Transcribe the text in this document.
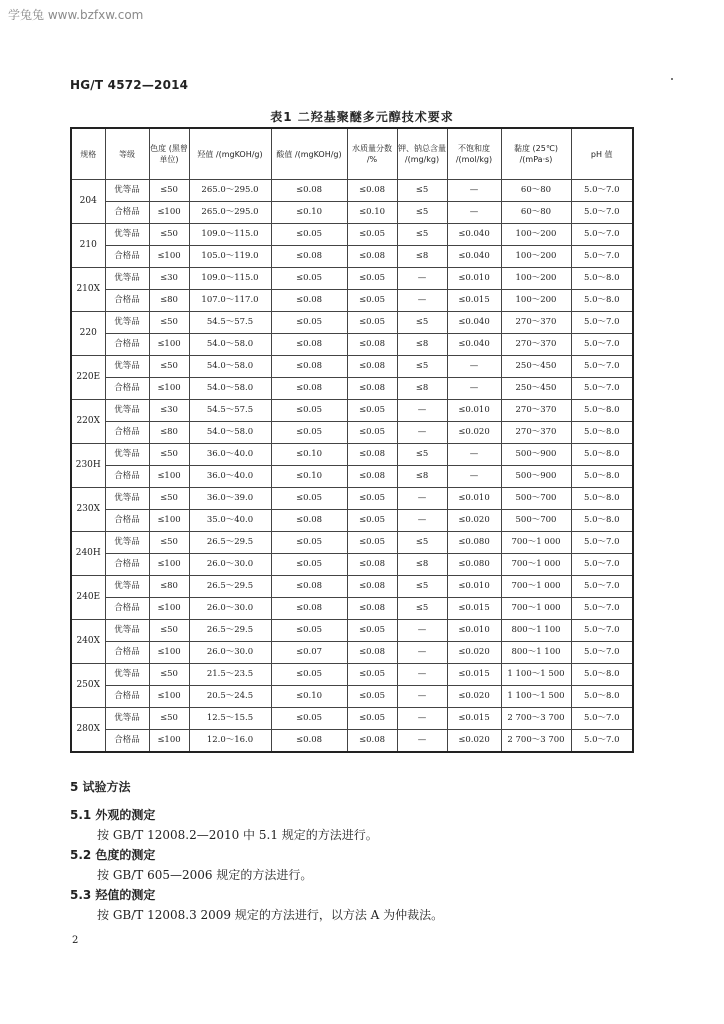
学兔兔 www.bzfxw.com
HG/T 4572—2014
表1 二羟基聚醚多元醇技术要求
规格	等级	色度 (黑曾单位)	羟值 /(mgKOH/g)	酸值 /(mgKOH/g)	水质量分数 /%	钾、钠总含量 /(mg/kg)	不饱和度 /(mol/kg)	黏度 (25℃) /(mPa·s)	pH 值
204	优等品	≤50	265.0～295.0	≤0.08	≤0.08	≤5	—	60～80	5.0～7.0
	合格品	≤100	265.0～295.0	≤0.10	≤0.10	≤5	—	60～80	5.0～7.0
210	优等品	≤50	109.0～115.0	≤0.05	≤0.05	≤5	≤0.040	100～200	5.0～7.0
	合格品	≤100	105.0～119.0	≤0.08	≤0.08	≤8	≤0.040	100～200	5.0～7.0
210X	优等品	≤30	109.0～115.0	≤0.05	≤0.05	—	≤0.010	100～200	5.0～8.0
	合格品	≤80	107.0～117.0	≤0.08	≤0.05	—	≤0.015	100～200	5.0～8.0
220	优等品	≤50	54.5～57.5	≤0.05	≤0.05	≤5	≤0.040	270～370	5.0～7.0
	合格品	≤100	54.0～58.0	≤0.08	≤0.08	≤8	≤0.040	270～370	5.0～7.0
220E	优等品	≤50	54.0～58.0	≤0.08	≤0.08	≤5	—	250～450	5.0～7.0
	合格品	≤100	54.0～58.0	≤0.08	≤0.08	≤8	—	250～450	5.0～7.0
220X	优等品	≤30	54.5～57.5	≤0.05	≤0.05	—	≤0.010	270～370	5.0～8.0
	合格品	≤80	54.0～58.0	≤0.05	≤0.05	—	≤0.020	270～370	5.0～8.0
230H	优等品	≤50	36.0～40.0	≤0.10	≤0.08	≤5	—	500～900	5.0～8.0
	合格品	≤100	36.0～40.0	≤0.10	≤0.08	≤8	—	500～900	5.0～8.0
230X	优等品	≤50	36.0～39.0	≤0.05	≤0.05	—	≤0.010	500～700	5.0～8.0
	合格品	≤100	35.0～40.0	≤0.08	≤0.05	—	≤0.020	500～700	5.0～8.0
240H	优等品	≤50	26.5～29.5	≤0.05	≤0.05	≤5	≤0.080	700～1 000	5.0～7.0
	合格品	≤100	26.0～30.0	≤0.05	≤0.08	≤8	≤0.080	700～1 000	5.0～7.0
240E	优等品	≤80	26.5～29.5	≤0.08	≤0.08	≤5	≤0.010	700～1 000	5.0～7.0
	合格品	≤100	26.0～30.0	≤0.08	≤0.08	≤5	≤0.015	700～1 000	5.0～7.0
240X	优等品	≤50	26.5～29.5	≤0.05	≤0.05	—	≤0.010	800～1 100	5.0～7.0
	合格品	≤100	26.0～30.0	≤0.07	≤0.08	—	≤0.020	800～1 100	5.0～7.0
250X	优等品	≤50	21.5～23.5	≤0.05	≤0.05	—	≤0.015	1 100～1 500	5.0～8.0
	合格品	≤100	20.5～24.5	≤0.10	≤0.05	—	≤0.020	1 100～1 500	5.0～8.0
280X	优等品	≤50	12.5～15.5	≤0.05	≤0.05	—	≤0.015	2 700～3 700	5.0～7.0
	合格品	≤100	12.0～16.0	≤0.08	≤0.08	—	≤0.020	2 700～3 700	5.0～7.0
5 试验方法
5.1 外观的测定
按 GB/T 12008.2—2010 中 5.1 规定的方法进行。
5.2 色度的测定
按 GB/T 605—2006 规定的方法进行。
5.3 羟值的测定
按 GB/T 12008.3 2009 规定的方法进行，以方法 A 为仲裁法。
2
